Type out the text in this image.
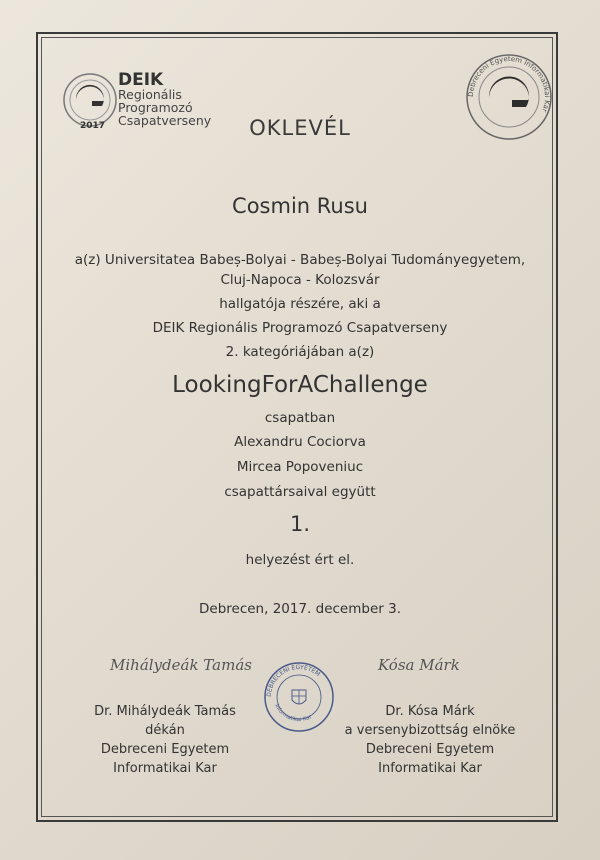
2017
DEIK
Regionális
Programozó
Csapatverseny
Debreceni Egyetem Informatikai Kar
OKLEVÉL
Cosmin Rusu
a(z) Universitatea Babeș-Bolyai - Babeș-Bolyai Tudományegyetem,
Cluj-Napoca - Kolozsvár
hallgatója részére, aki a
DEIK Regionális Programozó Csapatverseny
2. kategóriájában a(z)
LookingForAChallenge
csapatban
Alexandru Cociorva
Mircea Popoveniuc
csapattársaival együtt
1.
helyezést ért el.
Debrecen, 2017. december 3.
Mihálydeák Tamás	Kósa Márk
Dr. Mihálydeák Tamás
dékán
Debreceni Egyetem
Informatikai Kar
Dr. Kósa Márk
a versenybizottság elnöke
Debreceni Egyetem
Informatikai Kar
DEBRECENI EGYETEM
Informatikai Kar
